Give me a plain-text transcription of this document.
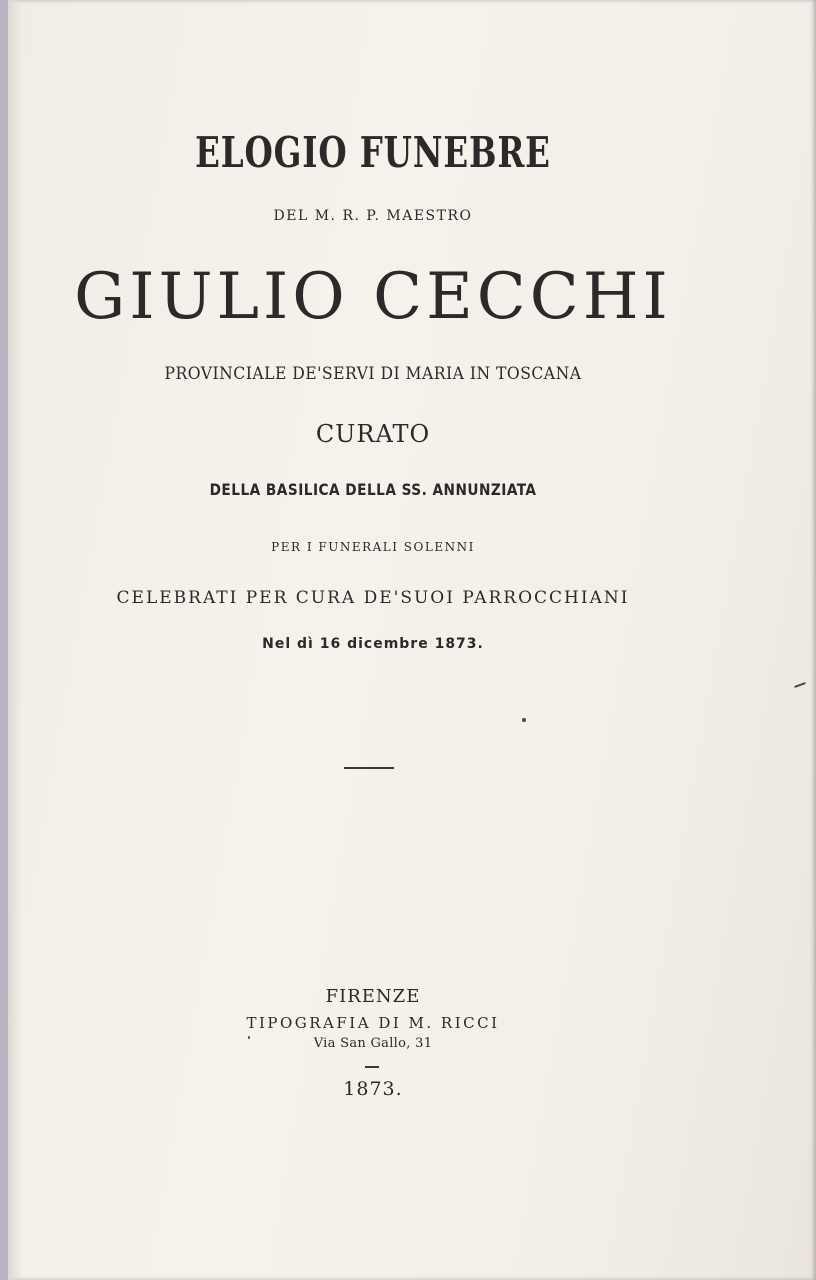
ELOGIO FUNEBRE
DEL M. R. P. MAESTRO
GIULIO CECCHI
PROVINCIALE DE'SERVI DI MARIA IN TOSCANA
CURATO
DELLA BASILICA DELLA SS. ANNUNZIATA
PER I FUNERALI SOLENNI
CELEBRATI PER CURA DE'SUOI PARROCCHIANI
Nel dì 16 dicembre 1873.
FIRENZE
TIPOGRAFIA DI M. RICCI
Via San Gallo, 31
1873.
